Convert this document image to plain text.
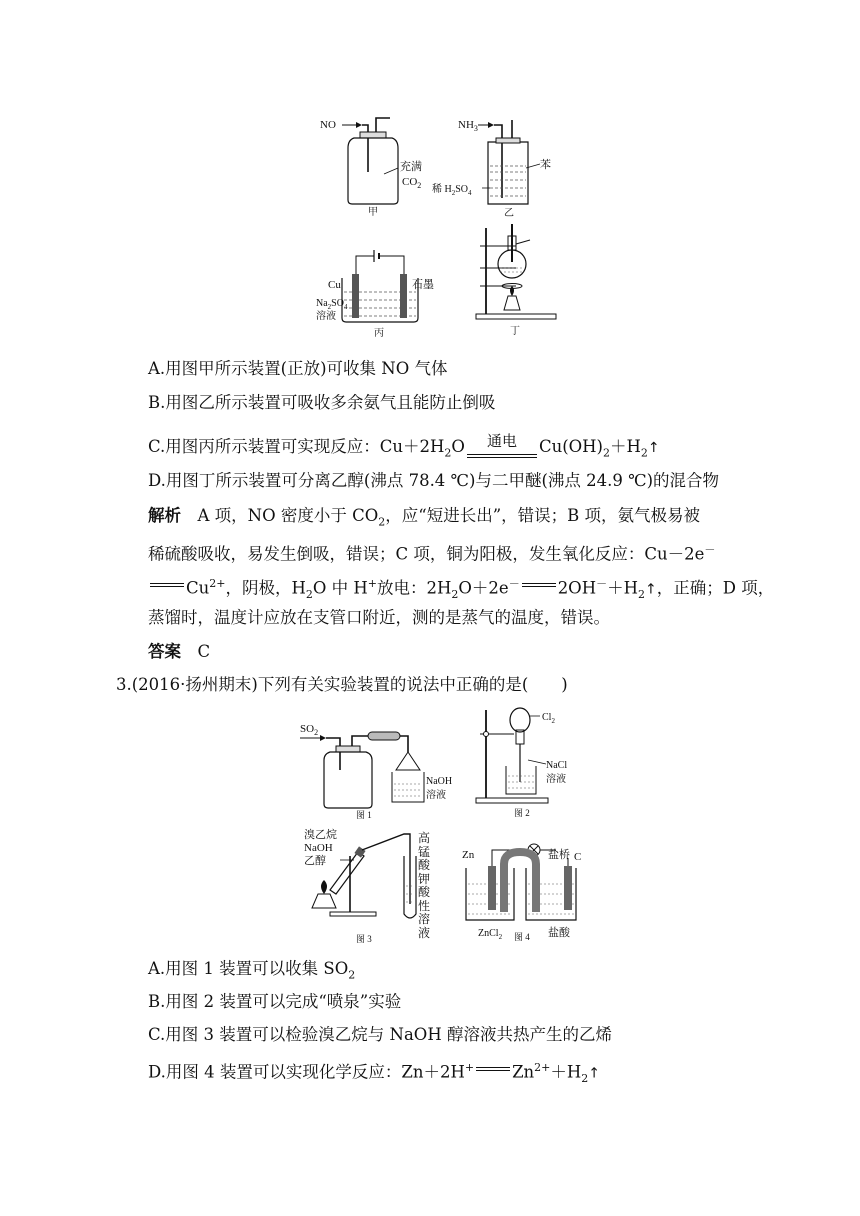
NO
充满
$CO_2$
甲
$NH_3$
苯
稀 $H_2SO_4$
乙
Cu	石墨
$Na_2SO_4$
溶液
丙	丁
A.用图甲所示装置(正放)可收集 NO 气体
B.用图乙所示装置可吸收多余氨气且能防止倒吸
C.用图丙所示装置可实现反应：$Cu+2H_2O$	通电	$Cu(OH)_2+H_2↑$
D.用图丁所示装置可分离乙醇(沸点 78.4 ℃)与二甲醚(沸点 24.9 ℃)的混合物
解析　 A 项，NO 密度小于 $CO_2$，应“短进长出”，错误；B 项，氨气极易被
稀硫酸吸收，易发生倒吸，错误；C 项，铜为阳极，发生氧化反应：Cu－2e－
$Cu^{2+}$，阴极，$H_2O$ 中 H+放电：$2H_2O+2e^-$ $2OH^-+H_2↑$，正确；D 项，
蒸馏时，温度计应放在支管口附近，测的是蒸气的温度，错误。
答案　 C
3.(2016·扬州期末)下列有关实验装置的说法中正确的是(　　)
$SO_2$
NaOH
溶液
图 1
$Cl_2$
NaCl
溶液
图 2
溴乙烷
NaOH
乙醇
图 3
高锰酸钾酸性溶液
Zn	盐桥 C
ZnCl$_2$ 图 4 盐酸
A.用图 1 装置可以收集 $SO_2$
B.用图 2 装置可以完成“喷泉”实验
C.用图 3 装置可以检验溴乙烷与 NaOH 醇溶液共热产生的乙烯
D.用图 4 装置可以实现化学反应：Zn＋2H+ $Zn^{2+}+H_2↑$
